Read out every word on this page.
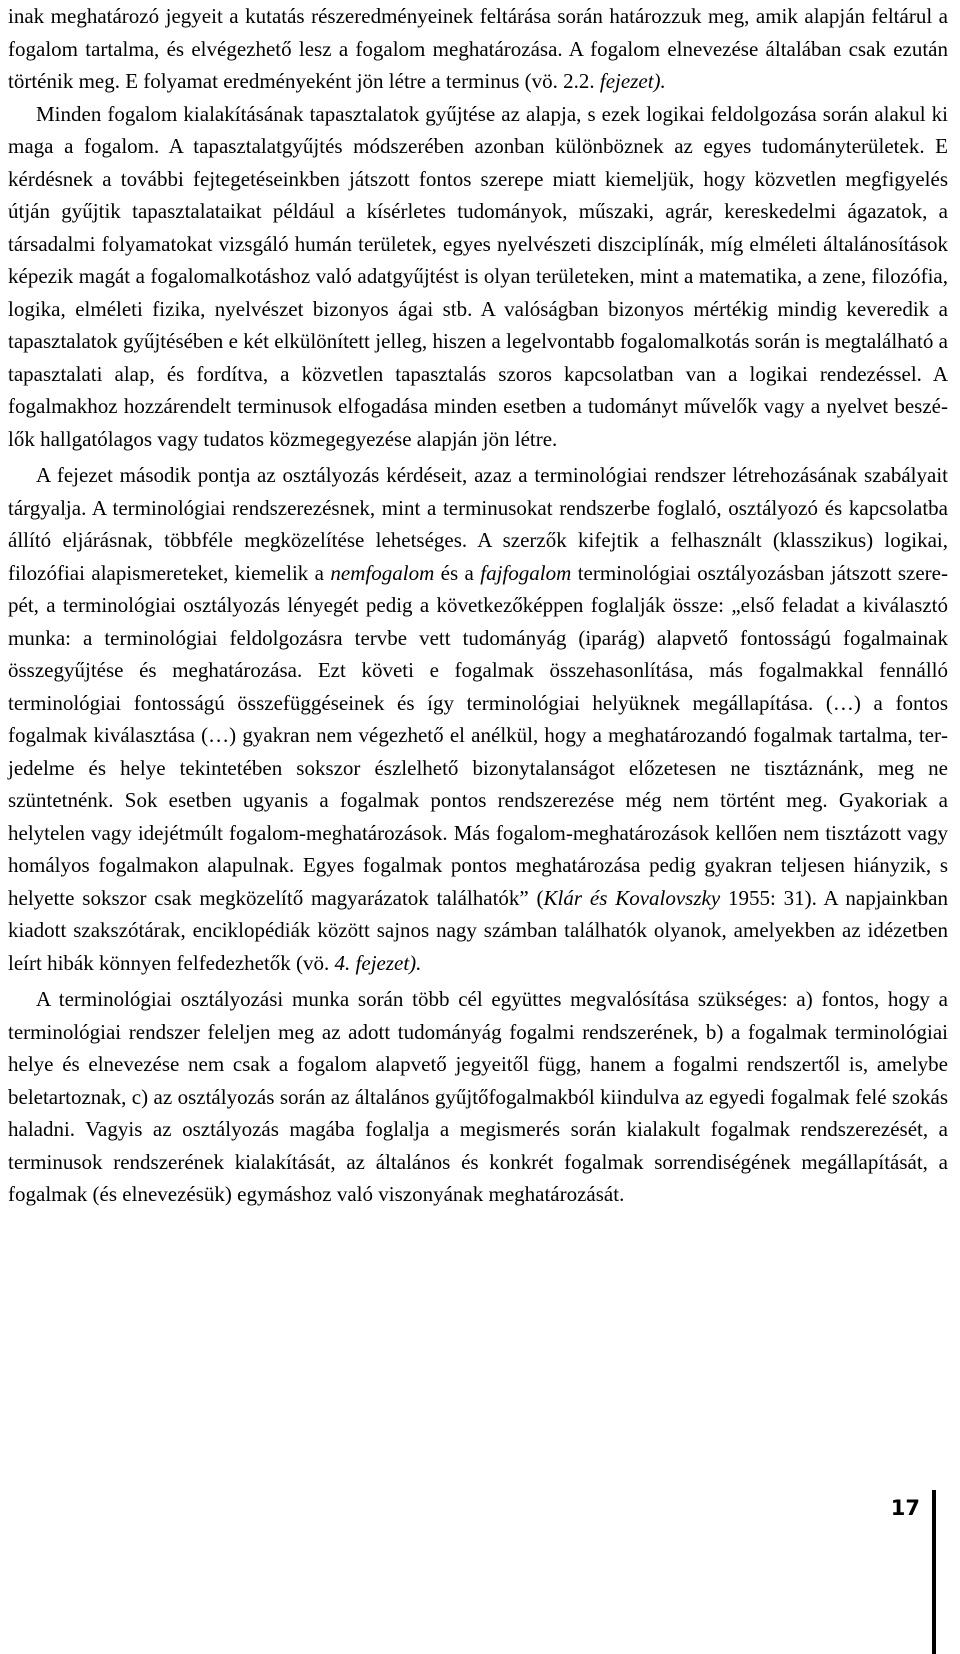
inak meghatározó jegyeit a kutatás részeredményeinek feltárása során határozzuk meg, amik alapján feltárul a fogalom tartalma, és elvégezhető lesz a fogalom meghatározása. A fogalom elnevezése általában csak ezután történik meg. E folyamat eredményeként jön létre a terminus (vö. 2.2. fejezet).

Minden fogalom kialakításának tapasztalatok gyűjtése az alapja, s ezek logikai feldolgozása során alakul ki maga a fogalom. A tapasztalatgyűjtés módszerében azonban különböznek az egyes tudományterületek. E kérdésnek a további fejtegetéseinkben játszott fontos szerepe miatt kiemeljük, hogy közvetlen megfigyelés útján gyűjtik tapasztalataikat például a kísérletes tudományok, műszaki, agrár, kereskedelmi ágazatok, a társadalmi folyamatokat vizsgáló humán területek, egyes nyelvészeti diszciplínák, míg elméleti általánosítások képezik magát a fogalomalkotáshoz való adatgyűjtést is olyan területeken, mint a matematika, a zene, filozófia, logika, elméleti fizika, nyelvészet bizonyos ágai stb. A valóságban bizonyos mértékig mindig keveredik a tapasztalatok gyűjtésében e két elkülönített jelleg, hiszen a legelvontabb fogalomalkotás során is megtalálható a tapasztalati alap, és fordítva, a közvetlen tapasztalás szoros kapcsolatban van a logikai rendezéssel. A fogalmakhoz hozzárendelt terminusok elfogadása minden esetben a tudományt művelők vagy a nyelvet beszélők hallgatólagos vagy tudatos közmegegyezése alapján jön létre.

A fejezet második pontja az osztályozás kérdéseit, azaz a terminológiai rendszer létrehozásának szabályait tárgyalja. A terminológiai rendszerezésnek, mint a terminusokat rendszerbe foglaló, osztályozó és kapcsolatba állító eljárásnak, többféle megközelítése lehetséges. A szerzők kifejtik a felhasznált (klasszikus) logikai, filozófiai alapismereteket, kiemelik a nemfogalom és a fajfogalom terminológiai osztályozásban játszott szerepét, a terminológiai osztályozás lényegét pedig a következőképpen foglalják össze: „első feladat a kiválasztó munka: a terminológiai feldolgozásra tervbe vett tudományág (iparág) alapvető fontosságú fogalmainak összegyűjtése és meghatározása. Ezt követi e fogalmak összehasonlítása, más fogalmakkal fennálló terminológiai fontosságú összefüggéseinek és így terminológiai helyüknek megállapítása. (…) a fontos fogalmak kiválasztása (…) gyakran nem végezhető el anélkül, hogy a meghatározandó fogalmak tartalma, terjedelme és helye tekintetében sokszor észlelhető bizonytalanságot előzetesen ne tisztáznánk, meg ne szüntetnénk. Sok esetben ugyanis a fogalmak pontos rendszerezése még nem történt meg. Gyakoriak a helytelen vagy idejétmúlt fogalom-meghatározások. Más fogalom-meghatározások kellően nem tisztázott vagy homályos fogalmakon alapulnak. Egyes fogalmak pontos meghatározása pedig gyakran teljesen hiányzik, s helyette sokszor csak megközelítő magyarázatok találhatók” (Klár és Kovalovszky 1955: 31). A napjainkban kiadott szakszótárak, enciklopédiák között sajnos nagy számban találhatók olyanok, amelyekben az idézetben leírt hibák könnyen felfedezhetők (vö. 4. fejezet).

A terminológiai osztályozási munka során több cél együttes megvalósítása szükséges: a) fontos, hogy a terminológiai rendszer feleljen meg az adott tudományág fogalmi rendszerének, b) a fogalmak terminológiai helye és elnevezése nem csak a fogalom alapvető jegyeitől függ, hanem a fogalmi rendszertől is, amelybe beletartoznak, c) az osztályozás során az általános gyűjtőfogalmakból kiindulva az egyedi fogalmak felé szokás haladni. Vagyis az osztályozás magába foglalja a megismerés során kialakult fogalmak rendszerezését, a terminusok rendszerének kialakítását, az általános és konkrét fogalmak sorrendiségének megállapítását, a fogalmak (és elnevezésük) egymáshoz való viszonyának meghatározását.

17
